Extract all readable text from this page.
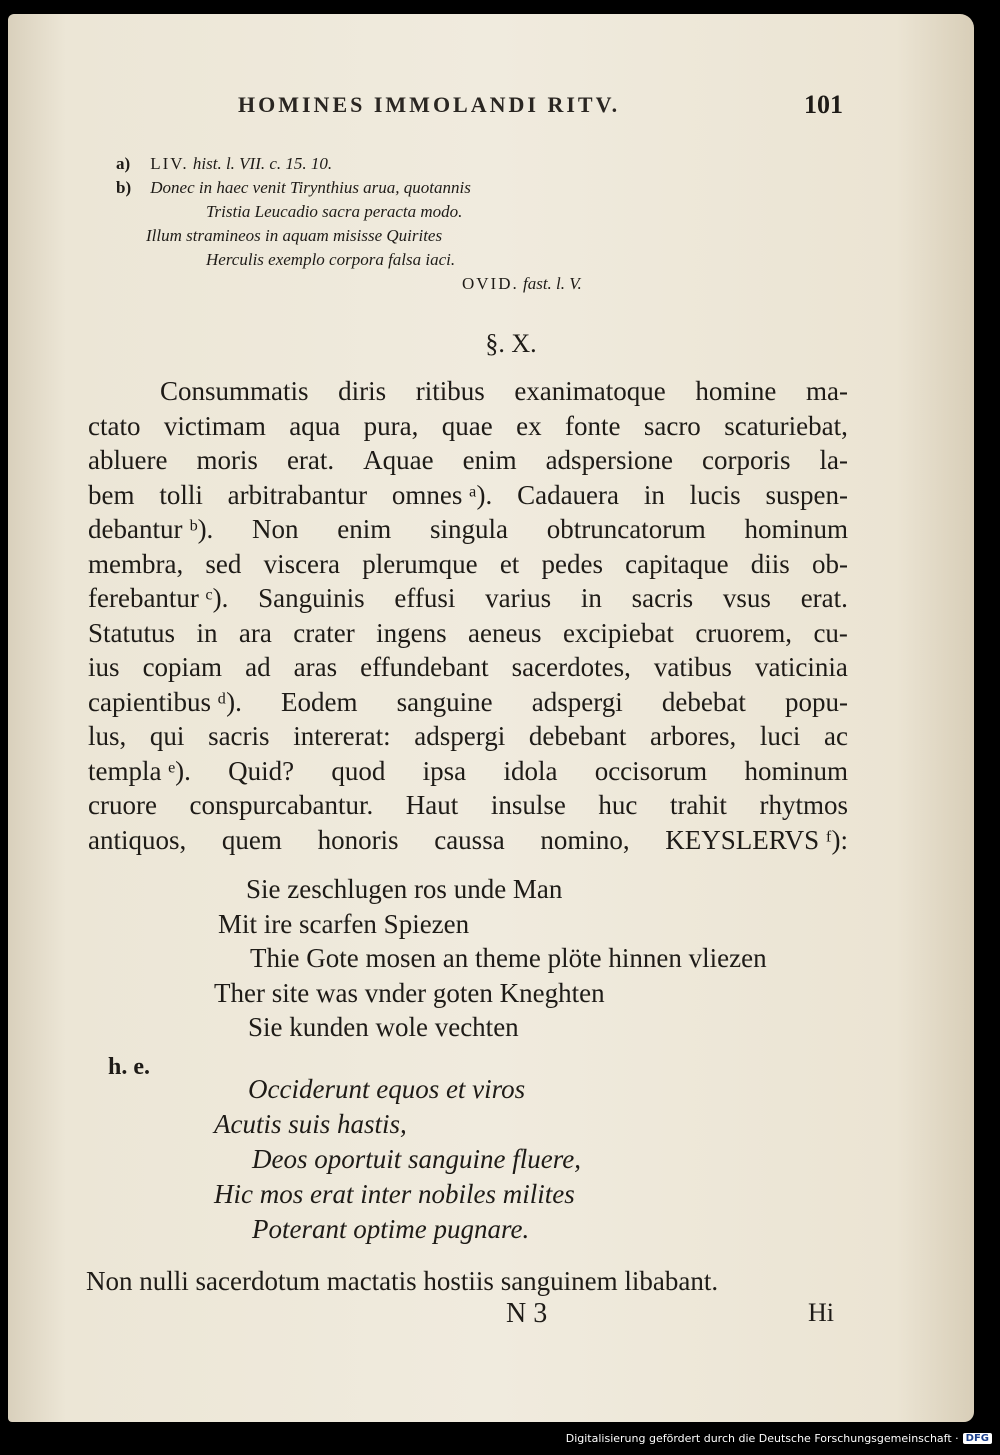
HOMINES IMMOLANDI RITV.	101
a) LIV. hist. l. VII. c. 15. 10.
b) Donec in haec venit Tirynthius arua, quotannis
Tristia Leucadio sacra peracta modo.
Illum stramineos in aquam misisse Quirites
Herculis exemplo corpora falsa iaci.
OVID. fast. l. V.
§. X.
Consummatis diris ritibus exanimatoque homine ma-
ctato victimam aqua pura, quae ex fonte sacro scaturiebat,
abluere moris erat. Aquae enim adspersione corporis la-
bem tolli arbitrabantur omnes ᵃ). Cadauera in lucis suspen-
debantur ᵇ). Non enim singula obtruncatorum hominum
membra, sed viscera plerumque et pedes capitaque diis ob-
ferebantur ᶜ). Sanguinis effusi varius in sacris vsus erat.
Statutus in ara crater ingens aeneus excipiebat cruorem, cu-
ius copiam ad aras effundebant sacerdotes, vatibus vaticinia
capientibus ᵈ). Eodem sanguine adspergi debebat popu-
lus, qui sacris intererat: adspergi debebant arbores, luci ac
templa ᵉ). Quid? quod ipsa idola occisorum hominum
cruore conspurcabantur. Haut insulse huc trahit rhytmos
antiquos, quem honoris caussa nomino, KEYSLERVS ᶠ):
Sie zeschlugen ros unde Man
Mit ire scarfen Spiezen
Thie Gote mosen an theme plöte hinnen vliezen
Ther site was vnder goten Kneghten
Sie kunden wole vechten
h. e.
Occiderunt equos et viros
Acutis suis hastis,
Deos oportuit sanguine fluere,
Hic mos erat inter nobiles milites
Poterant optime pugnare.
Non nulli sacerdotum mactatis hostiis sanguinem libabant.
N 3	Hi
Digitalisierung gefördert durch die Deutsche Forschungsgemeinschaft · DFG
